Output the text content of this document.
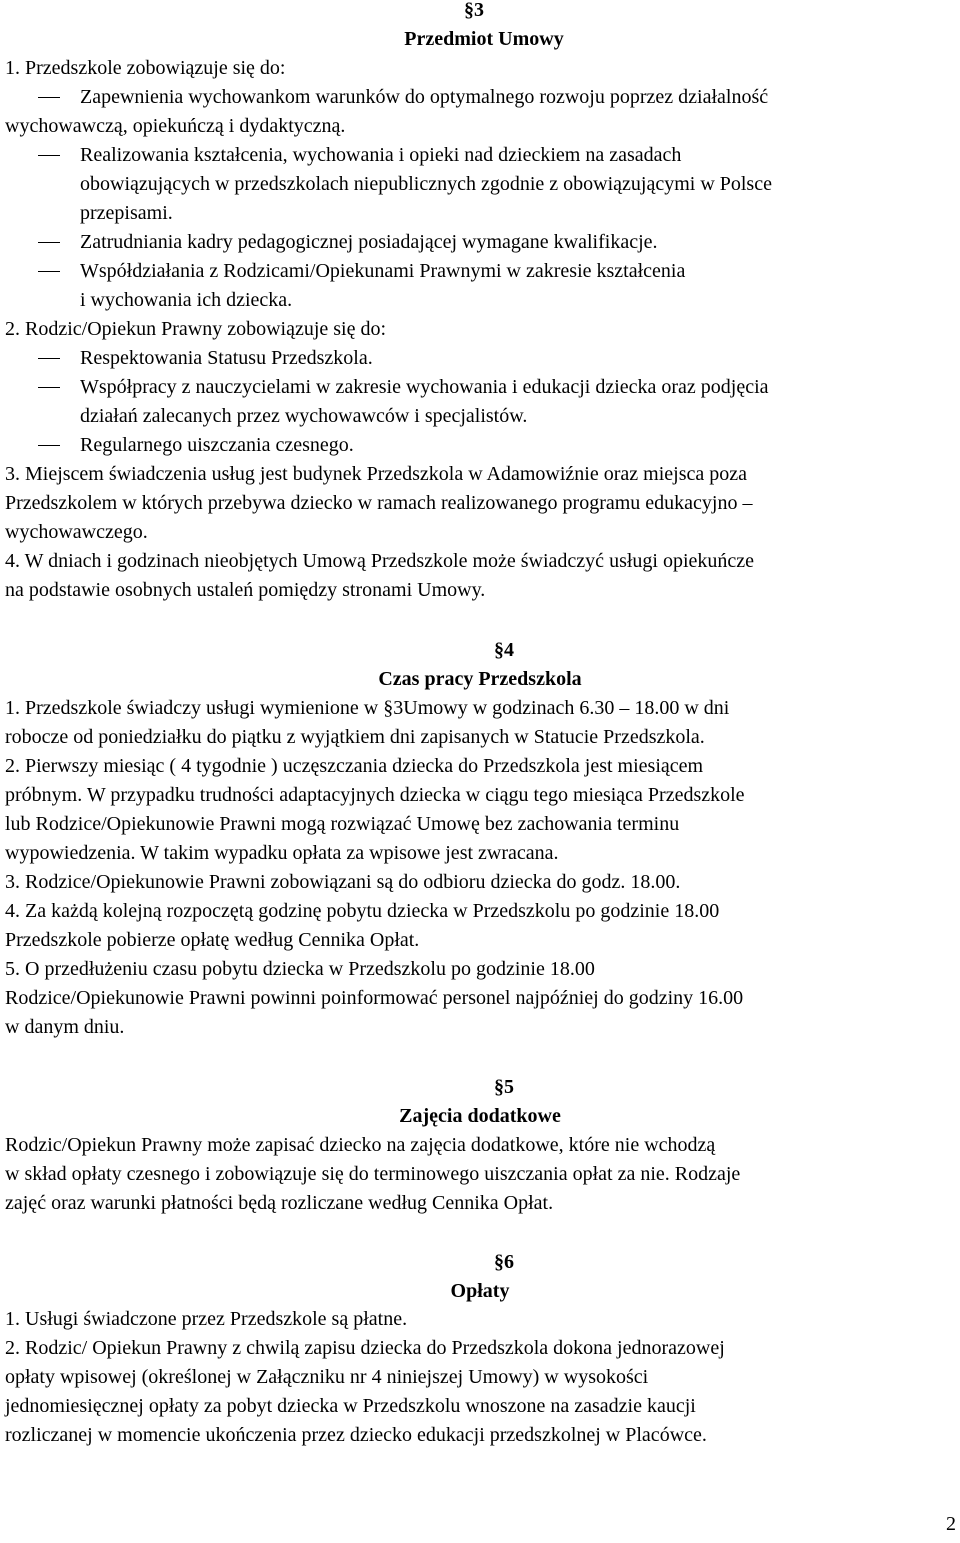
§3
Przedmiot Umowy
1. Przedszkole zobowiązuje się do:
Zapewnienia wychowankom warunków do optymalnego rozwoju poprzez działalność
wychowawczą, opiekuńczą i dydaktyczną.
Realizowania kształcenia, wychowania i opieki nad dzieckiem na zasadach
obowiązujących w przedszkolach niepublicznych zgodnie z obowiązującymi w Polsce
przepisami.
Zatrudniania kadry pedagogicznej posiadającej wymagane kwalifikacje.
Współdziałania z Rodzicami/Opiekunami Prawnymi w zakresie kształcenia
i wychowania ich dziecka.
2. Rodzic/Opiekun Prawny zobowiązuje się do:
Respektowania Statusu Przedszkola.
Współpracy z nauczycielami w zakresie wychowania i edukacji dziecka oraz podjęcia
działań zalecanych przez wychowawców i specjalistów.
Regularnego uiszczania czesnego.
3. Miejscem świadczenia usług jest budynek Przedszkola w Adamowiźnie oraz miejsca poza
Przedszkolem w których przebywa dziecko w ramach realizowanego programu edukacyjno –
wychowawczego.
4. W dniach i godzinach nieobjętych Umową Przedszkole może świadczyć usługi opiekuńcze
na podstawie osobnych ustaleń pomiędzy stronami Umowy.
§4
Czas pracy Przedszkola
1. Przedszkole świadczy usługi wymienione w §3Umowy w godzinach 6.30 – 18.00 w dni
robocze od poniedziałku do piątku z wyjątkiem dni zapisanych w Statucie Przedszkola.
2. Pierwszy miesiąc ( 4 tygodnie ) uczęszczania dziecka do Przedszkola jest miesiącem
próbnym. W przypadku trudności adaptacyjnych dziecka w ciągu tego miesiąca Przedszkole
lub Rodzice/Opiekunowie Prawni mogą rozwiązać Umowę bez zachowania terminu
wypowiedzenia. W takim wypadku opłata za wpisowe jest zwracana.
3. Rodzice/Opiekunowie Prawni zobowiązani są do odbioru dziecka do godz. 18.00.
4. Za każdą kolejną rozpoczętą godzinę pobytu dziecka w Przedszkolu po godzinie 18.00
Przedszkole pobierze opłatę według Cennika Opłat.
5. O przedłużeniu czasu pobytu dziecka w Przedszkolu po godzinie 18.00
Rodzice/Opiekunowie Prawni powinni poinformować personel najpóźniej do godziny 16.00
w danym dniu.
§5
Zajęcia dodatkowe
Rodzic/Opiekun Prawny może zapisać dziecko na zajęcia dodatkowe, które nie wchodzą
w skład opłaty czesnego i zobowiązuje się do terminowego uiszczania opłat za nie. Rodzaje
zajęć oraz warunki płatności będą rozliczane według Cennika Opłat.
§6
Opłaty
1. Usługi świadczone przez Przedszkole są płatne.
2. Rodzic/ Opiekun Prawny z chwilą zapisu dziecka do Przedszkola dokona jednorazowej
opłaty wpisowej (określonej w Załączniku nr 4 niniejszej Umowy) w wysokości
jednomiesięcznej opłaty za pobyt dziecka w Przedszkolu wnoszone na zasadzie kaucji
rozliczanej w momencie ukończenia przez dziecko edukacji przedszkolnej w Placówce.
2
